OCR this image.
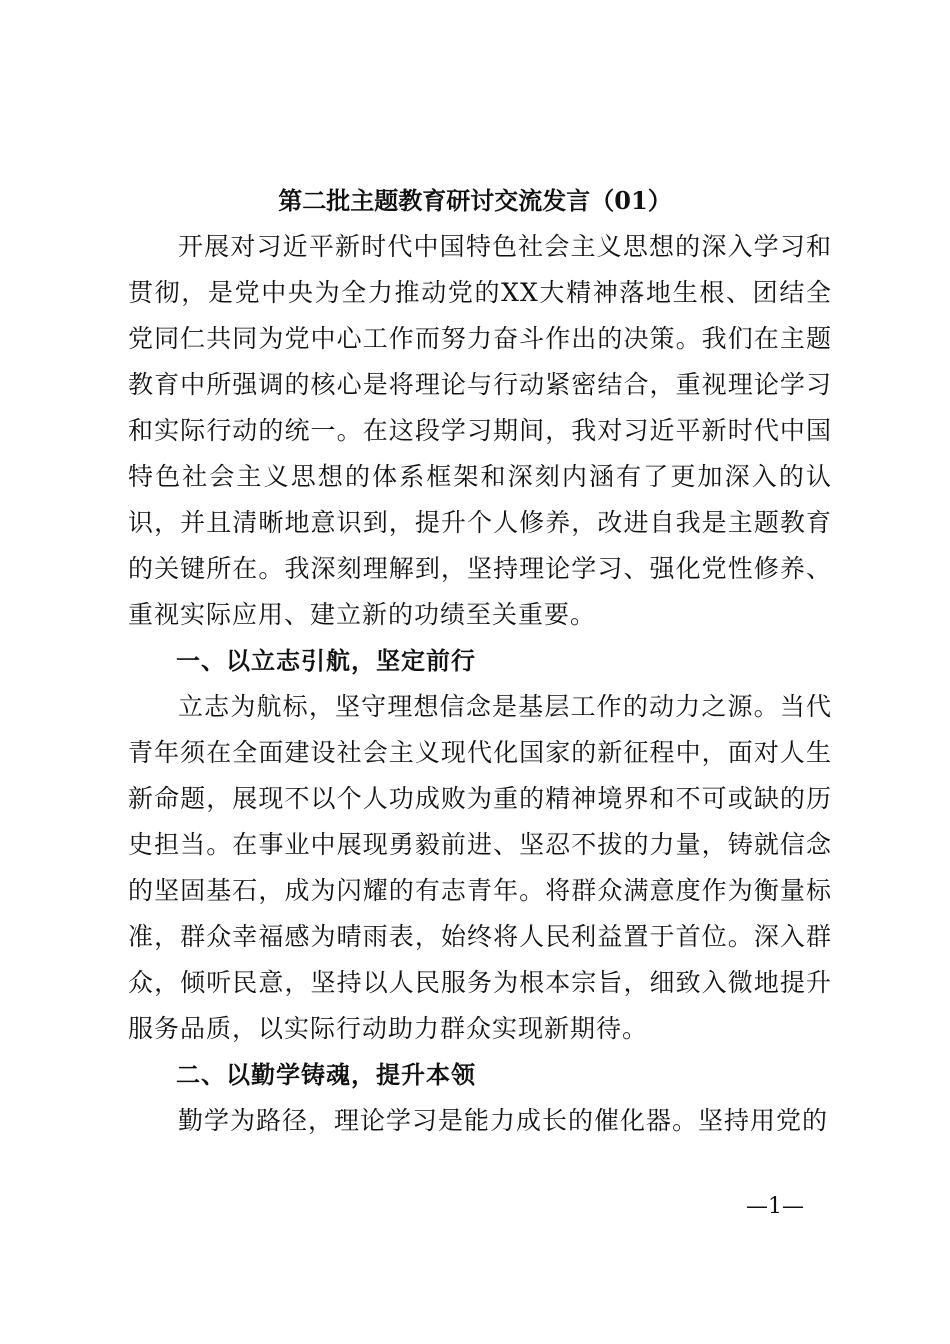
第二批主题教育研讨交流发言（01）

开展对习近平新时代中国特色社会主义思想的深入学习和贯彻，是党中央为全力推动党的XX大精神落地生根、团结全党同仁共同为党中心工作而努力奋斗作出的决策。我们在主题教育中所强调的核心是将理论与行动紧密结合，重视理论学习和实际行动的统一。在这段学习期间，我对习近平新时代中国特色社会主义思想的体系框架和深刻内涵有了更加深入的认识，并且清晰地意识到，提升个人修养，改进自我是主题教育的关键所在。我深刻理解到，坚持理论学习、强化党性修养、重视实际应用、建立新的功绩至关重要。

一、以立志引航，坚定前行

立志为航标，坚守理想信念是基层工作的动力之源。当代青年须在全面建设社会主义现代化国家的新征程中，面对人生新命题，展现不以个人功成败为重的精神境界和不可或缺的历史担当。在事业中展现勇毅前进、坚忍不拔的力量，铸就信念的坚固基石，成为闪耀的有志青年。将群众满意度作为衡量标准，群众幸福感为晴雨表，始终将人民利益置于首位。深入群众，倾听民意，坚持以人民服务为根本宗旨，细致入微地提升服务品质，以实际行动助力群众实现新期待。

二、以勤学铸魂，提升本领

勤学为路径，理论学习是能力成长的催化器。坚持用党的

—1—
